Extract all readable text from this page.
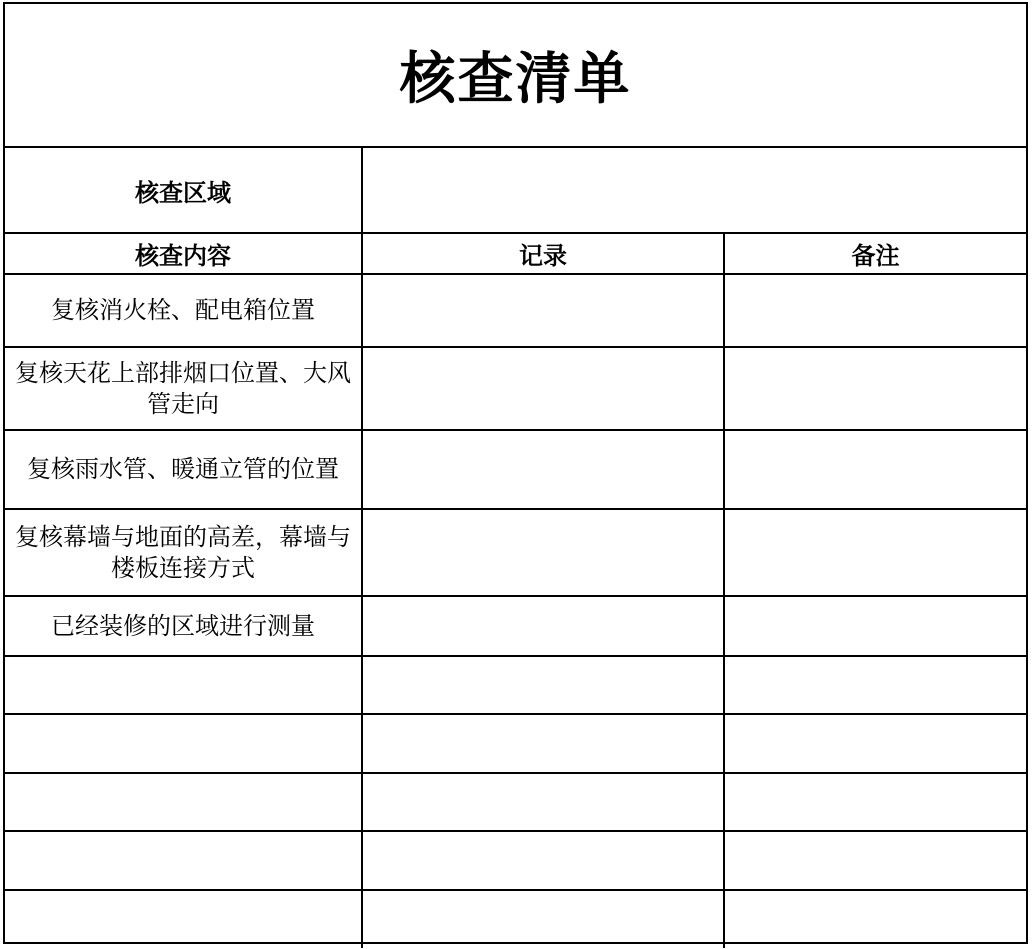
核查清单		
核查区域		
核查内容	记录	备注
复核消火栓、配电箱位置		
复核天花上部排烟口位置、大风管走向		
复核雨水管、暖通立管的位置		
复核幕墙与地面的高差，幕墙与楼板连接方式		
已经装修的区域进行测量		
